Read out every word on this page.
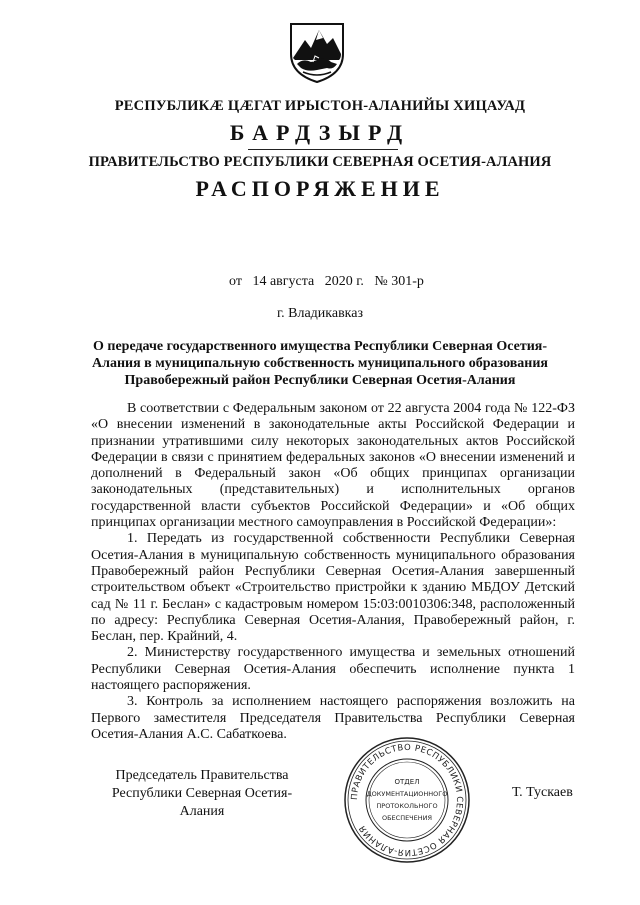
РЕСПУБЛИКӔ ЦӔГАТ ИРЫСТОН-АЛАНИЙЫ ХИЦАУАД
БАРДЗЫРД
ПРАВИТЕЛЬСТВО РЕСПУБЛИКИ СЕВЕРНАЯ ОСЕТИЯ-АЛАНИЯ
РАСПОРЯЖЕНИЕ
от 14 августа 2020 г. № 301-р
г. Владикавказ
О передаче государственного имущества Республики Северная Осетия-Алания в муниципальную собственность муниципального образования Правобережный район Республики Северная Осетия-Алания

В соответствии с Федеральным законом от 22 августа 2004 года № 122-ФЗ «О внесении изменений в законодательные акты Российской Федерации и признании утратившими силу некоторых законодательных актов Российской Федерации в связи с принятием федеральных законов «О внесении изменений и дополнений в Федеральный закон «Об общих принципах организации законодательных (представительных) и исполнительных органов государственной власти субъектов Российской Федерации» и «Об общих принципах организации местного самоуправления в Российской Федерации»:

1. Передать из государственной собственности Республики Северная Осетия-Алания в муниципальную собственность муниципального образования Правобережный район Республики Северная Осетия-Алания завершенный строительством объект «Строительство пристройки к зданию МБДОУ Детский сад № 11 г. Беслан» с кадастровым номером 15:03:0010306:348, расположенный по адресу: Республика Северная Осетия-Алания, Правобережный район, г. Беслан, пер. Крайний, 4.

2. Министерству государственного имущества и земельных отношений Республики Северная Осетия-Алания обеспечить исполнение пункта 1 настоящего распоряжения.

3. Контроль за исполнением настоящего распоряжения возложить на Первого заместителя Председателя Правительства Республики Северная Осетия-Алания А.С. Сабаткоева.

Председатель Правительства
Республики Северная Осетия-Алания
ПРАВИТЕЛЬСТВО РЕСПУБЛИКИ СЕВЕРНАЯ ОСЕТИЯ-АЛАНИЯ
ОТДЕЛ
ДОКУМЕНТАЦИОННОГО
ПРОТОКОЛЬНОГО
ОБЕСПЕЧЕНИЯ
Т. Тускаев
